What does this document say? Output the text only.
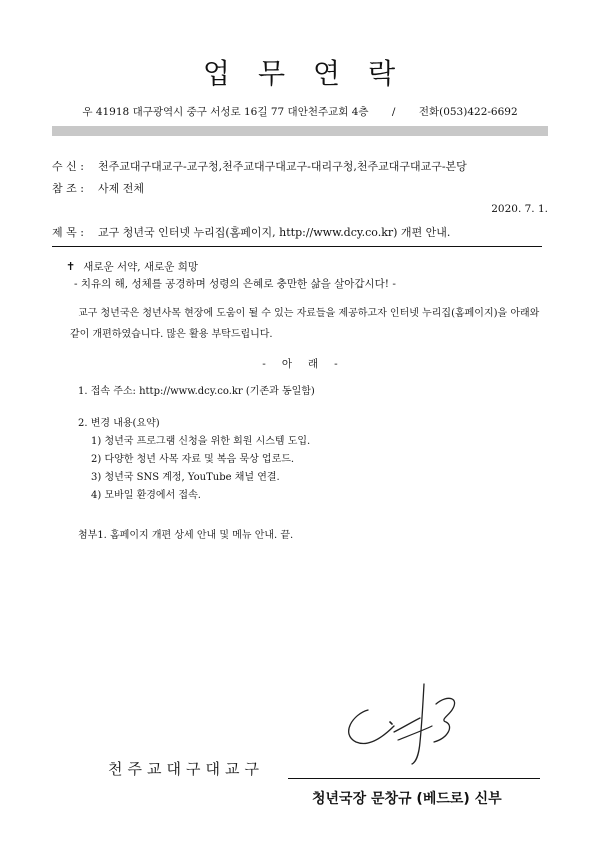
업 무 연 락
우 41918 대구광역시 중구 서성로 16길 77 대안천주교회 4층 / 전화(053)422-6692
수 신 : 천주교대구대교구-교구청,천주교대구대교구-대리구청,천주교대구대교구-본당
참 조 : 사제 전체
2020. 7. 1.
제 목 : 교구 청년국 인터넷 누리집(홈페이지, http://www.dcy.co.kr) 개편 안내.
✝ 새로운 서약, 새로운 희망
- 치유의 해, 성체를 공경하며 성령의 은혜로 충만한 삶을 살아갑시다! -

교구 청년국은 청년사목 현장에 도움이 될 수 있는 자료들을 제공하고자 인터넷 누리집(홈페이지)을 아래와 같이 개편하였습니다. 많은 활용 부탁드립니다.

- 아 래 -
1. 접속 주소: http://www.dcy.co.kr (기존과 동일함)
2. 변경 내용(요약)
1) 청년국 프로그램 신청을 위한 회원 시스템 도입.
2) 다양한 청년 사목 자료 및 복음 묵상 업로드.
3) 청년국 SNS 계정, YouTube 채널 연결.
4) 모바일 환경에서 접속.
첨부1. 홈페이지 개편 상세 안내 및 메뉴 안내. 끝.
천 주 교 대 구 대 교 구
청년국장 문창규 (베드로) 신부
